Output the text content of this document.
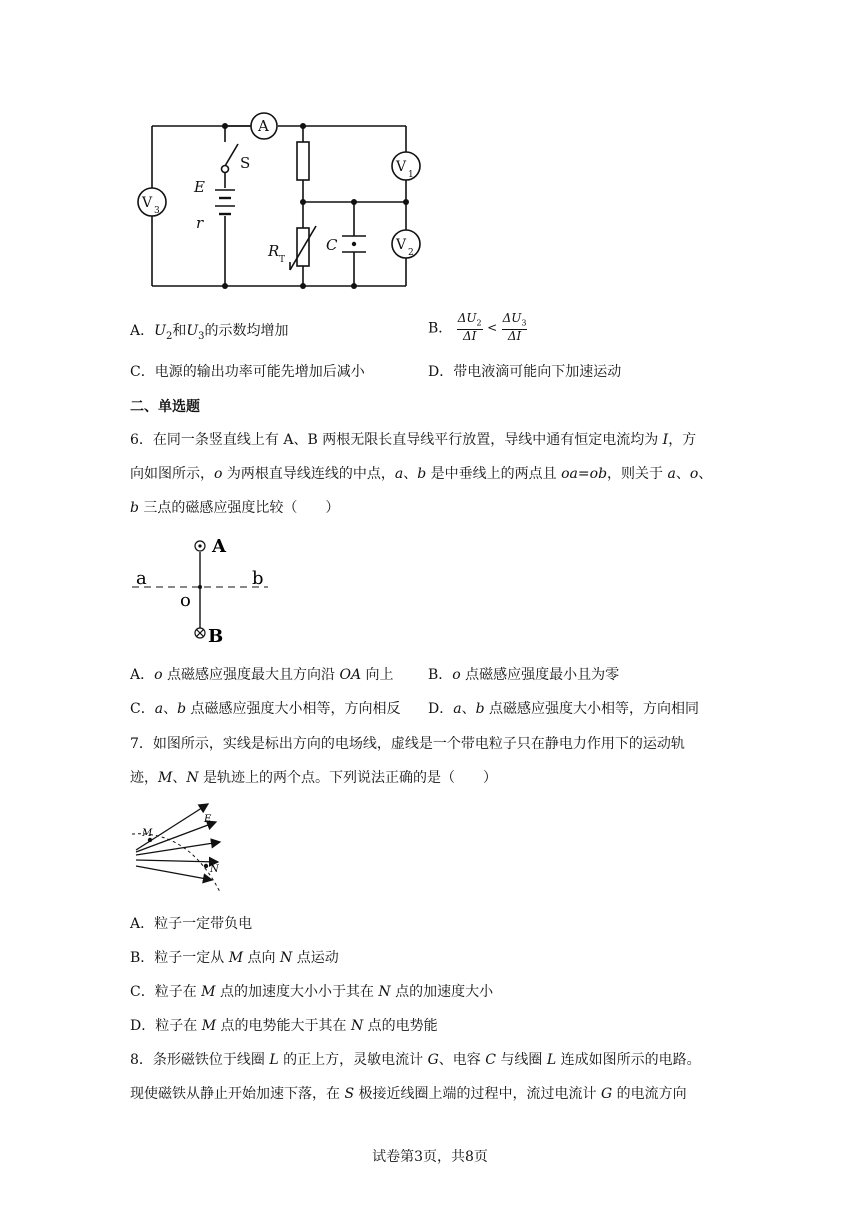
A
S
E
r
V 1
V 2
V 3
R T
C
A．$U_2$和$U_3$的示数均增加	B． $\frac{\Delta U_2}{\Delta I} < \frac{\Delta U_3}{\Delta I}$
C．电源的输出功率可能先增加后减小	D．带电液滴可能向下加速运动
二、单选题
6．在同一条竖直线上有 A、B 两根无限长直导线平行放置，导线中通有恒定电流均为 I，方
向如图所示，o 为两根直导线连线的中点，a、b 是中垂线上的两点且 oa=ob，则关于 a、o、
b 三点的磁感应强度比较（　　）
A
B
a	b
o
A．o 点磁感应强度最大且方向沿 OA 向上 B．o 点磁感应强度最小且为零
C．a、b 点磁感应强度大小相等，方向相反 D．a、b 点磁感应强度大小相等，方向相同
7．如图所示，实线是标出方向的电场线，虚线是一个带电粒子只在静电力作用下的运动轨
迹，M、N 是轨迹上的两个点。下列说法正确的是（　　）
M
N
E
A．粒子一定带负电
B．粒子一定从 M 点向 N 点运动
C．粒子在 M 点的加速度大小小于其在 N 点的加速度大小
D．粒子在 M 点的电势能大于其在 N 点的电势能
8．条形磁铁位于线圈 L 的正上方，灵敏电流计 G、电容 C 与线圈 L 连成如图所示的电路。
现使磁铁从静止开始加速下落，在 S 极接近线圈上端的过程中，流过电流计 G 的电流方向
试卷第3页，共8页
